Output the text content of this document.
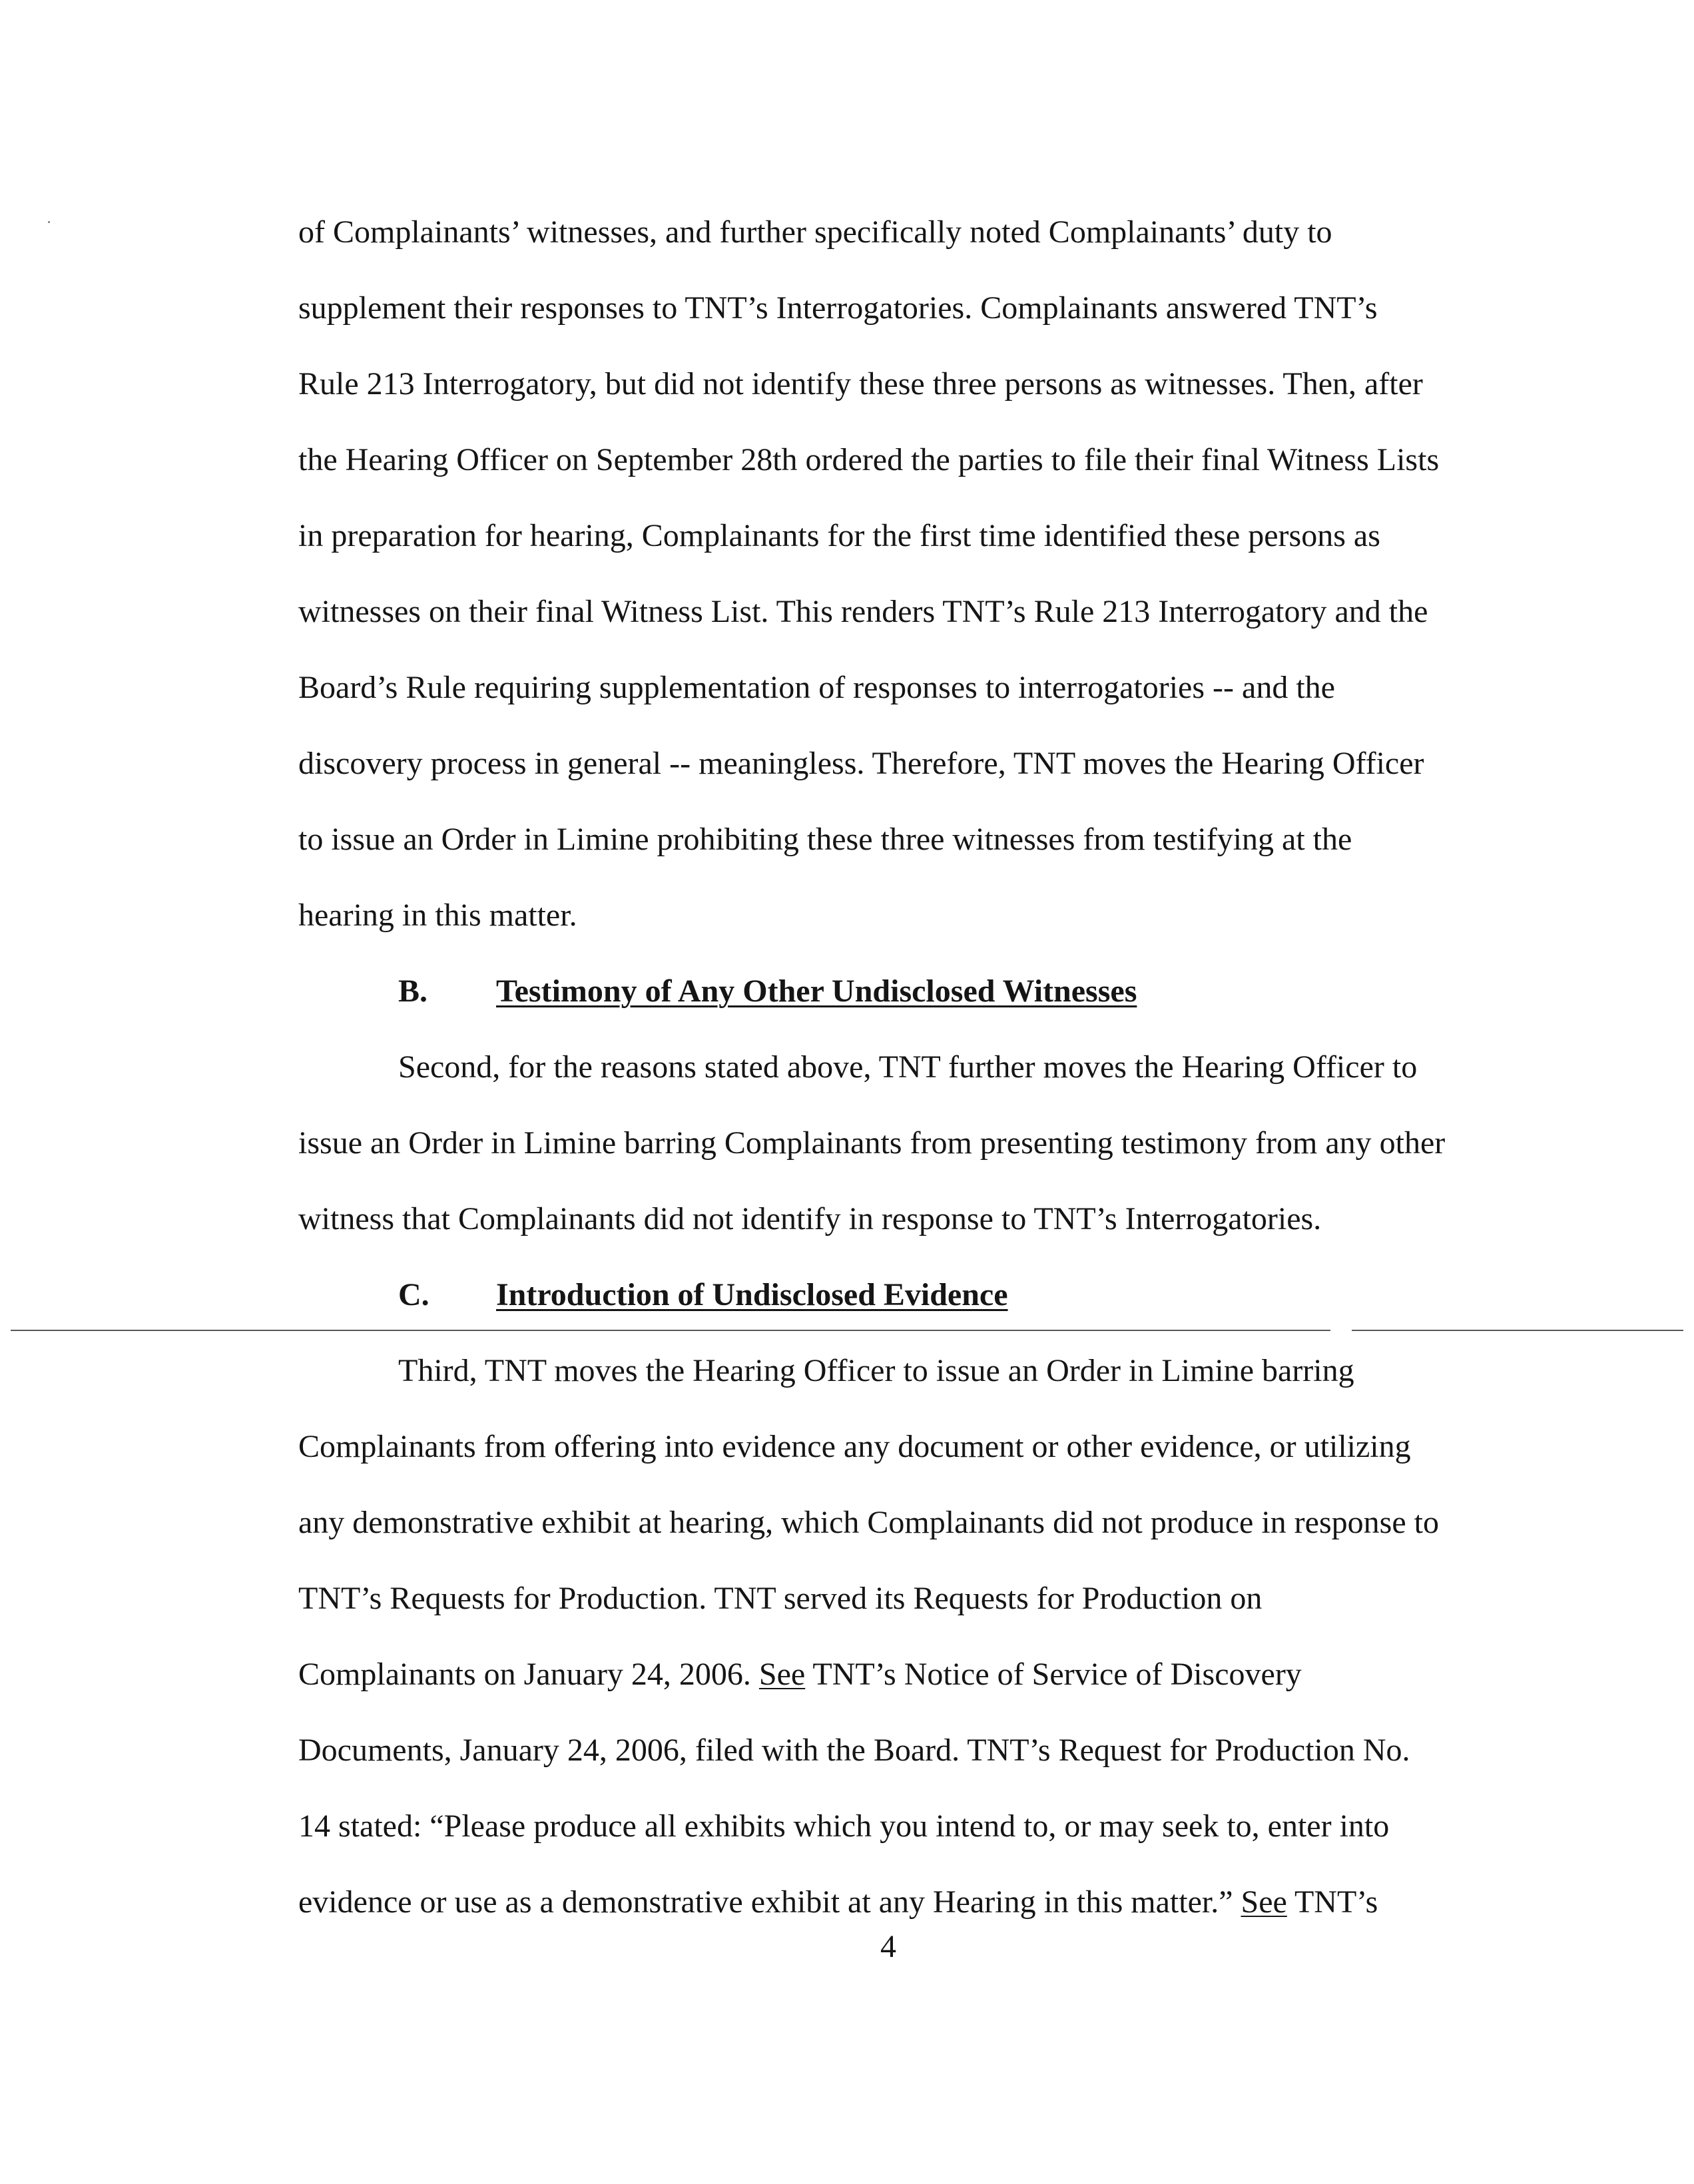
of Complainants’ witnesses, and further specifically noted Complainants’ duty to
supplement their responses to TNT’s Interrogatories. Complainants answered TNT’s
Rule 213 Interrogatory, but did not identify these three persons as witnesses. Then, after
the Hearing Officer on September 28th ordered the parties to file their final Witness Lists
in preparation for hearing, Complainants for the first time identified these persons as
witnesses on their final Witness List. This renders TNT’s Rule 213 Interrogatory and the
Board’s Rule requiring supplementation of responses to interrogatories -- and the
discovery process in general -- meaningless. Therefore, TNT moves the Hearing Officer
to issue an Order in Limine prohibiting these three witnesses from testifying at the
hearing in this matter.
B. Testimony of Any Other Undisclosed Witnesses
Second, for the reasons stated above, TNT further moves the Hearing Officer to
issue an Order in Limine barring Complainants from presenting testimony from any other
witness that Complainants did not identify in response to TNT’s Interrogatories.
C. Introduction of Undisclosed Evidence
Third, TNT moves the Hearing Officer to issue an Order in Limine barring
Complainants from offering into evidence any document or other evidence, or utilizing
any demonstrative exhibit at hearing, which Complainants did not produce in response to
TNT’s Requests for Production. TNT served its Requests for Production on
Complainants on January 24, 2006. See TNT’s Notice of Service of Discovery
Documents, January 24, 2006, filed with the Board. TNT’s Request for Production No.
14 stated: “Please produce all exhibits which you intend to, or may seek to, enter into
evidence or use as a demonstrative exhibit at any Hearing in this matter.” See TNT’s
4
